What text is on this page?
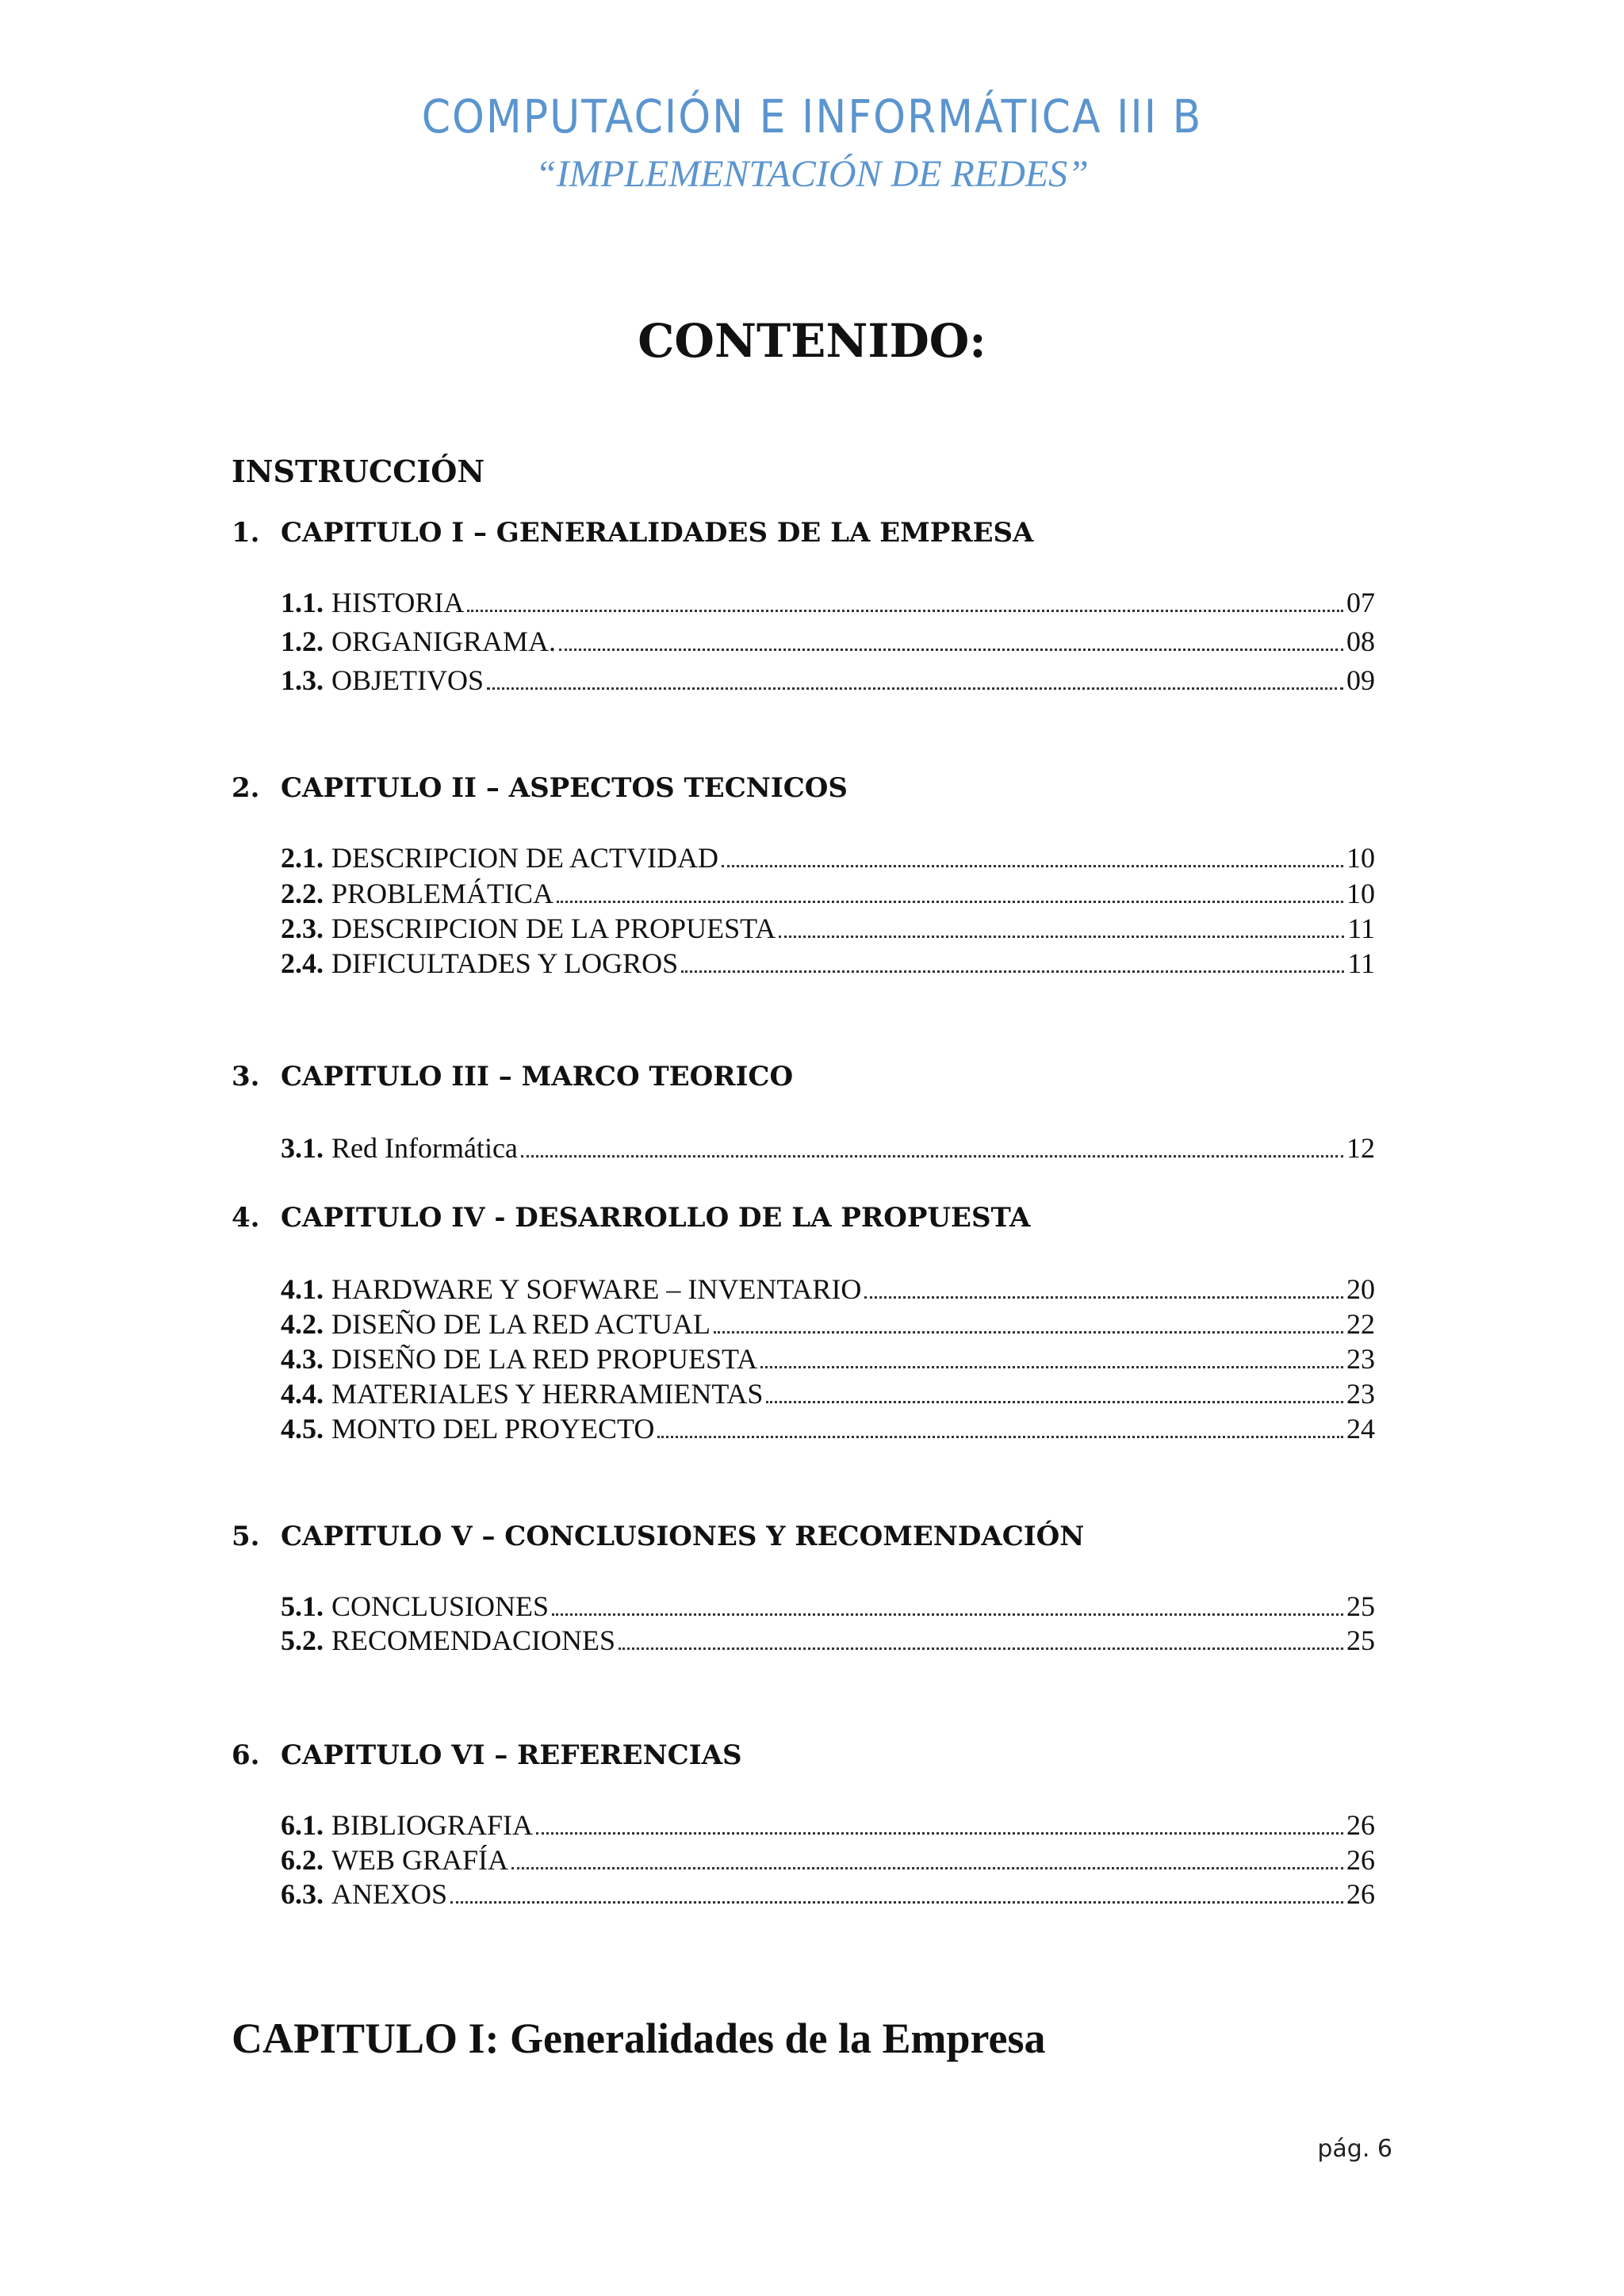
COMPUTACIÓN E INFORMÁTICA III B
“IMPLEMENTACIÓN DE REDES”
CONTENIDO:
INSTRUCCIÓN
1. CAPITULO I – GENERALIDADES DE LA EMPRESA
1.1. HISTORIA	07
1.2. ORGANIGRAMA.	08
1.3. OBJETIVOS	09
2. CAPITULO II – ASPECTOS TECNICOS
2.1. DESCRIPCION DE ACTVIDAD	10
2.2. PROBLEMÁTICA	10
2.3. DESCRIPCION DE LA PROPUESTA	11
2.4. DIFICULTADES Y LOGROS	11
3. CAPITULO III – MARCO TEORICO
3.1. Red Informática	12
4. CAPITULO IV - DESARROLLO DE LA PROPUESTA
4.1. HARDWARE Y SOFWARE – INVENTARIO	20
4.2. DISEÑO DE LA RED ACTUAL	22
4.3. DISEÑO DE LA RED PROPUESTA	23
4.4. MATERIALES Y HERRAMIENTAS	23
4.5. MONTO DEL PROYECTO	24
5. CAPITULO V – CONCLUSIONES Y RECOMENDACIÓN
5.1. CONCLUSIONES	25
5.2. RECOMENDACIONES	25
6. CAPITULO VI – REFERENCIAS
6.1. BIBLIOGRAFIA	26
6.2. WEB GRAFÍA	26
6.3. ANEXOS	26
CAPITULO I: Generalidades de la Empresa
pág. 6
